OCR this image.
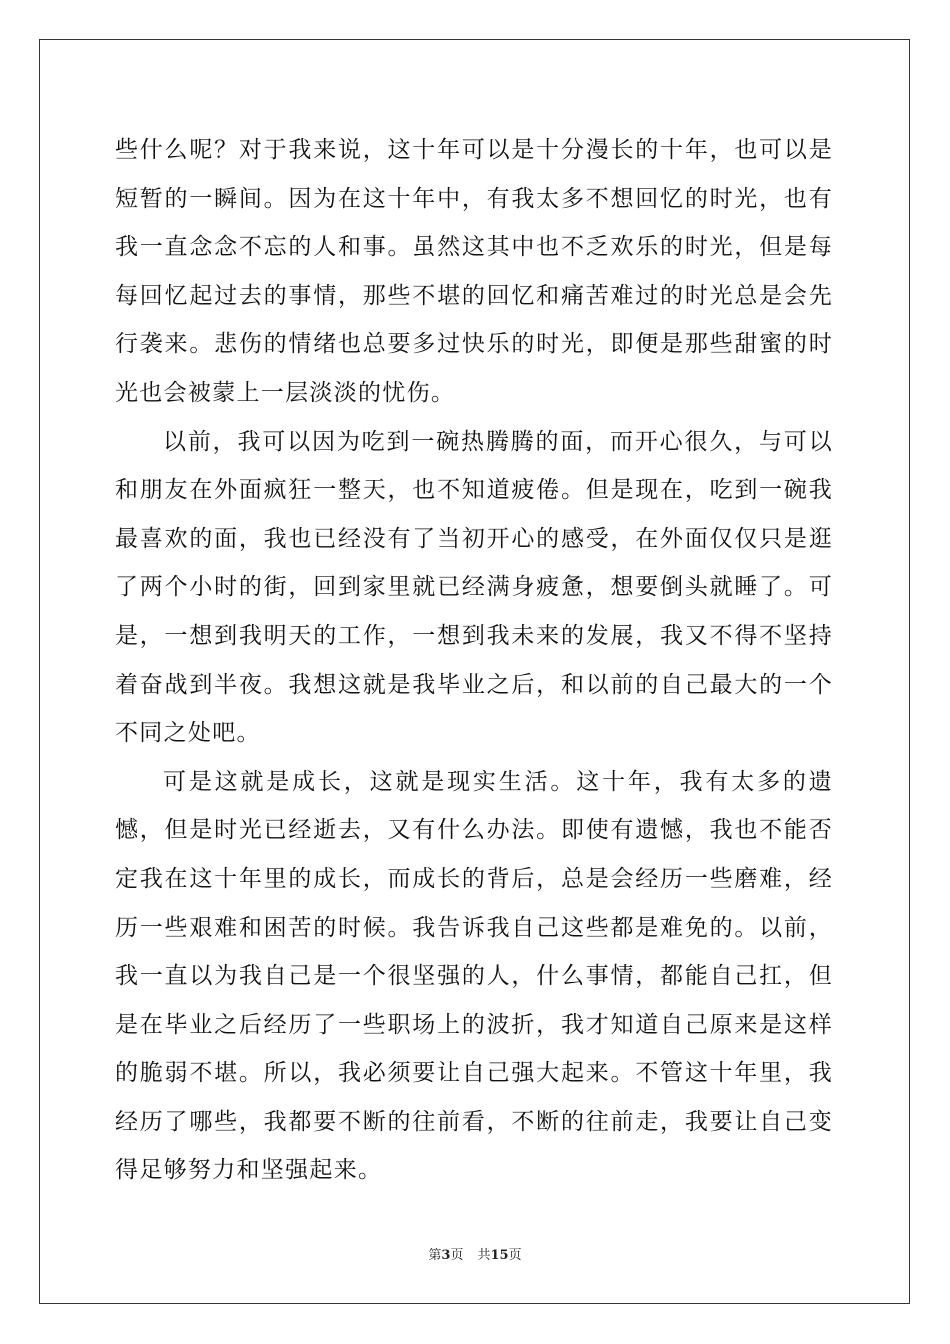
些什么呢？对于我来说，这十年可以是十分漫长的十年，也可以是短暂的一瞬间。因为在这十年中，有我太多不想回忆的时光，也有我一直念念不忘的人和事。虽然这其中也不乏欢乐的时光，但是每每回忆起过去的事情，那些不堪的回忆和痛苦难过的时光总是会先行袭来。悲伤的情绪也总要多过快乐的时光，即便是那些甜蜜的时光也会被蒙上一层淡淡的忧伤。

以前，我可以因为吃到一碗热腾腾的面，而开心很久，与可以和朋友在外面疯狂一整天，也不知道疲倦。但是现在，吃到一碗我最喜欢的面，我也已经没有了当初开心的感受，在外面仅仅只是逛了两个小时的街，回到家里就已经满身疲惫，想要倒头就睡了。可是，一想到我明天的工作，一想到我未来的发展，我又不得不坚持着奋战到半夜。我想这就是我毕业之后，和以前的自己最大的一个不同之处吧。

可是这就是成长，这就是现实生活。这十年，我有太多的遗憾，但是时光已经逝去，又有什么办法。即使有遗憾，我也不能否定我在这十年里的成长，而成长的背后，总是会经历一些磨难，经历一些艰难和困苦的时候。我告诉我自己这些都是难免的。以前，我一直以为我自己是一个很坚强的人，什么事情，都能自己扛，但是在毕业之后经历了一些职场上的波折，我才知道自己原来是这样的脆弱不堪。所以，我必须要让自己强大起来。不管这十年里，我经历了哪些，我都要不断的往前看，不断的往前走，我要让自己变得足够努力和坚强起来。

第3页 共15页
